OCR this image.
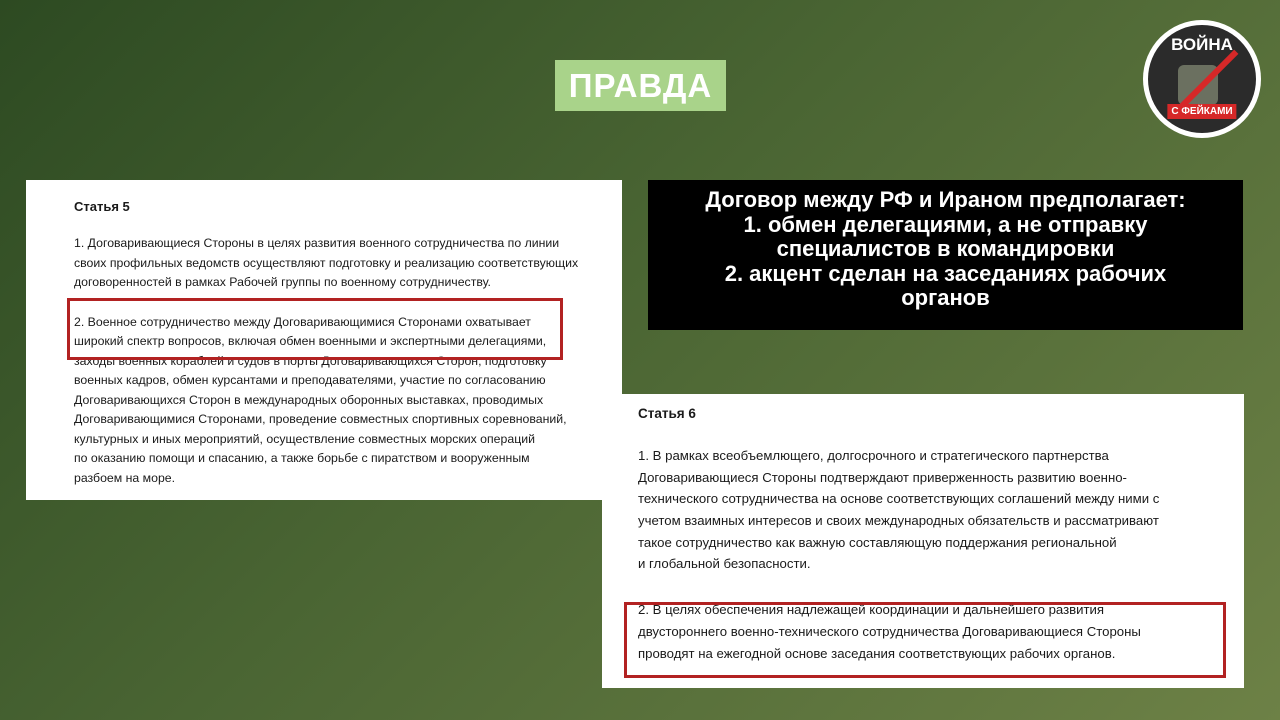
ПРАВДА
ВОЙНА
С ФЕЙКАМИ
Статья 5
1. Договаривающиеся Стороны в целях развития военного сотрудничества по линии
своих профильных ведомств осуществляют подготовку и реализацию соответствующих
договоренностей в рамках Рабочей группы по военному сотрудничеству.
2. Военное сотрудничество между Договаривающимися Сторонами охватывает
широкий спектр вопросов, включая обмен военными и экспертными делегациями,
заходы военных кораблей и судов в порты Договаривающихся Сторон, подготовку
военных кадров, обмен курсантами и преподавателями, участие по согласованию
Договаривающихся Сторон в международных оборонных выставках, проводимых
Договаривающимися Сторонами, проведение совместных спортивных соревнований,
культурных и иных мероприятий, осуществление совместных морских операций
по оказанию помощи и спасанию, а также борьбе с пиратством и вооруженным
разбоем на море.
Статья 6
1. В рамках всеобъемлющего, долгосрочного и стратегического партнерства
Договаривающиеся Стороны подтверждают приверженность развитию военно-
технического сотрудничества на основе соответствующих соглашений между ними с
учетом взаимных интересов и своих международных обязательств и рассматривают
такое сотрудничество как важную составляющую поддержания региональной
и глобальной безопасности.
2. В целях обеспечения надлежащей координации и дальнейшего развития
двустороннего военно-технического сотрудничества Договаривающиеся Стороны
проводят на ежегодной основе заседания соответствующих рабочих органов.
Договор между РФ и Ираном предполагает:
1. обмен делегациями, а не отправку
специалистов в командировки
2. акцент сделан на заседаниях рабочих
органов
